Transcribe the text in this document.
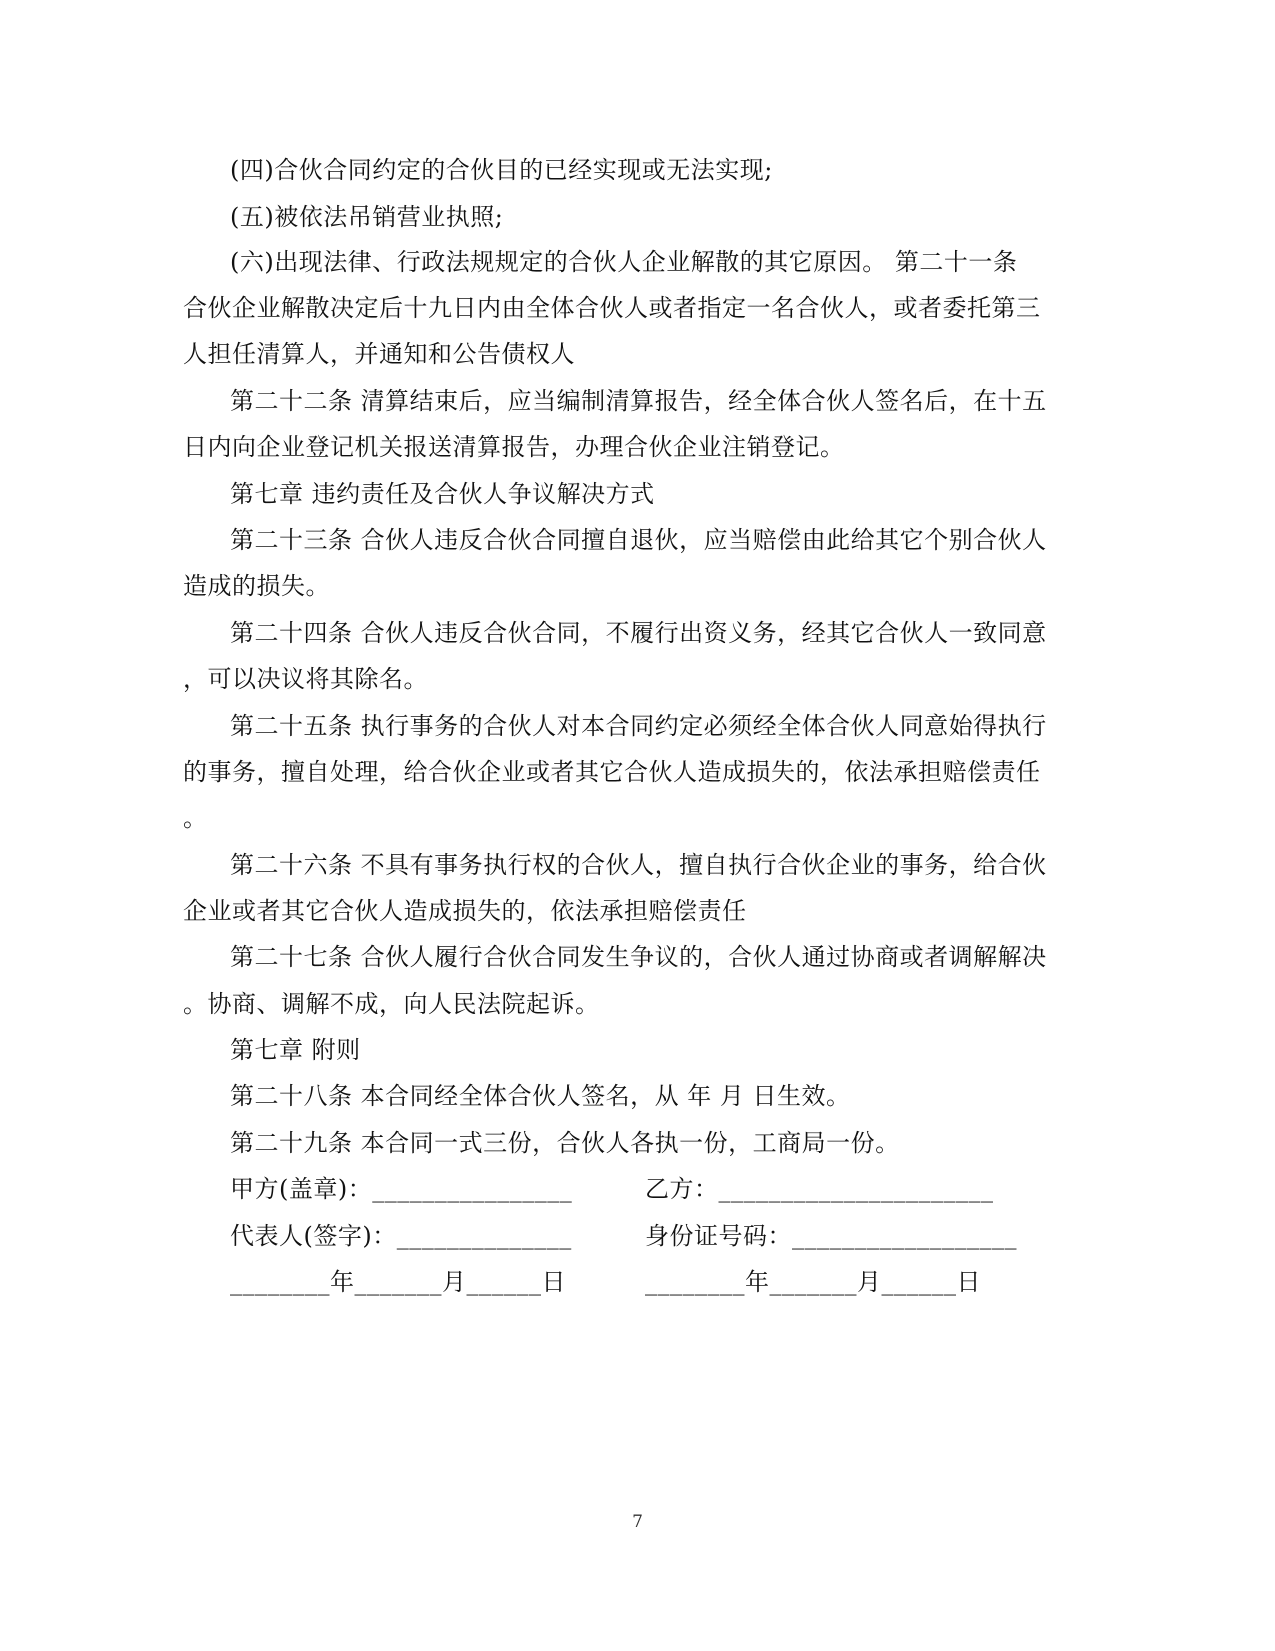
(四)合伙合同约定的合伙目的已经实现或无法实现;

(五)被依法吊销营业执照;

(六)出现法律、行政法规规定的合伙人企业解散的其它原因。 第二十一条

合伙企业解散决定后十九日内由全体合伙人或者指定一名合伙人，或者委托第三

人担任清算人，并通知和公告债权人

第二十二条 清算结束后，应当编制清算报告，经全体合伙人签名后，在十五

日内向企业登记机关报送清算报告，办理合伙企业注销登记。

第七章 违约责任及合伙人争议解决方式

第二十三条 合伙人违反合伙合同擅自退伙，应当赔偿由此给其它个别合伙人

造成的损失。

第二十四条 合伙人违反合伙合同，不履行出资义务，经其它合伙人一致同意

，可以决议将其除名。

第二十五条 执行事务的合伙人对本合同约定必须经全体合伙人同意始得执行

的事务，擅自处理，给合伙企业或者其它合伙人造成损失的，依法承担赔偿责任

。

第二十六条 不具有事务执行权的合伙人，擅自执行合伙企业的事务，给合伙

企业或者其它合伙人造成损失的，依法承担赔偿责任

第二十七条 合伙人履行合伙合同发生争议的，合伙人通过协商或者调解解决

。协商、调解不成，向人民法院起诉。

第七章 附则

第二十八条 本合同经全体合伙人签名，从 年 月 日生效。

第二十九条 本合同一式三份，合伙人各执一份，工商局一份。

甲方(盖章)：________________	乙方：______________________

代表人(签字)：______________	身份证号码：__________________

________年_______月______日	________年_______月______日

7
